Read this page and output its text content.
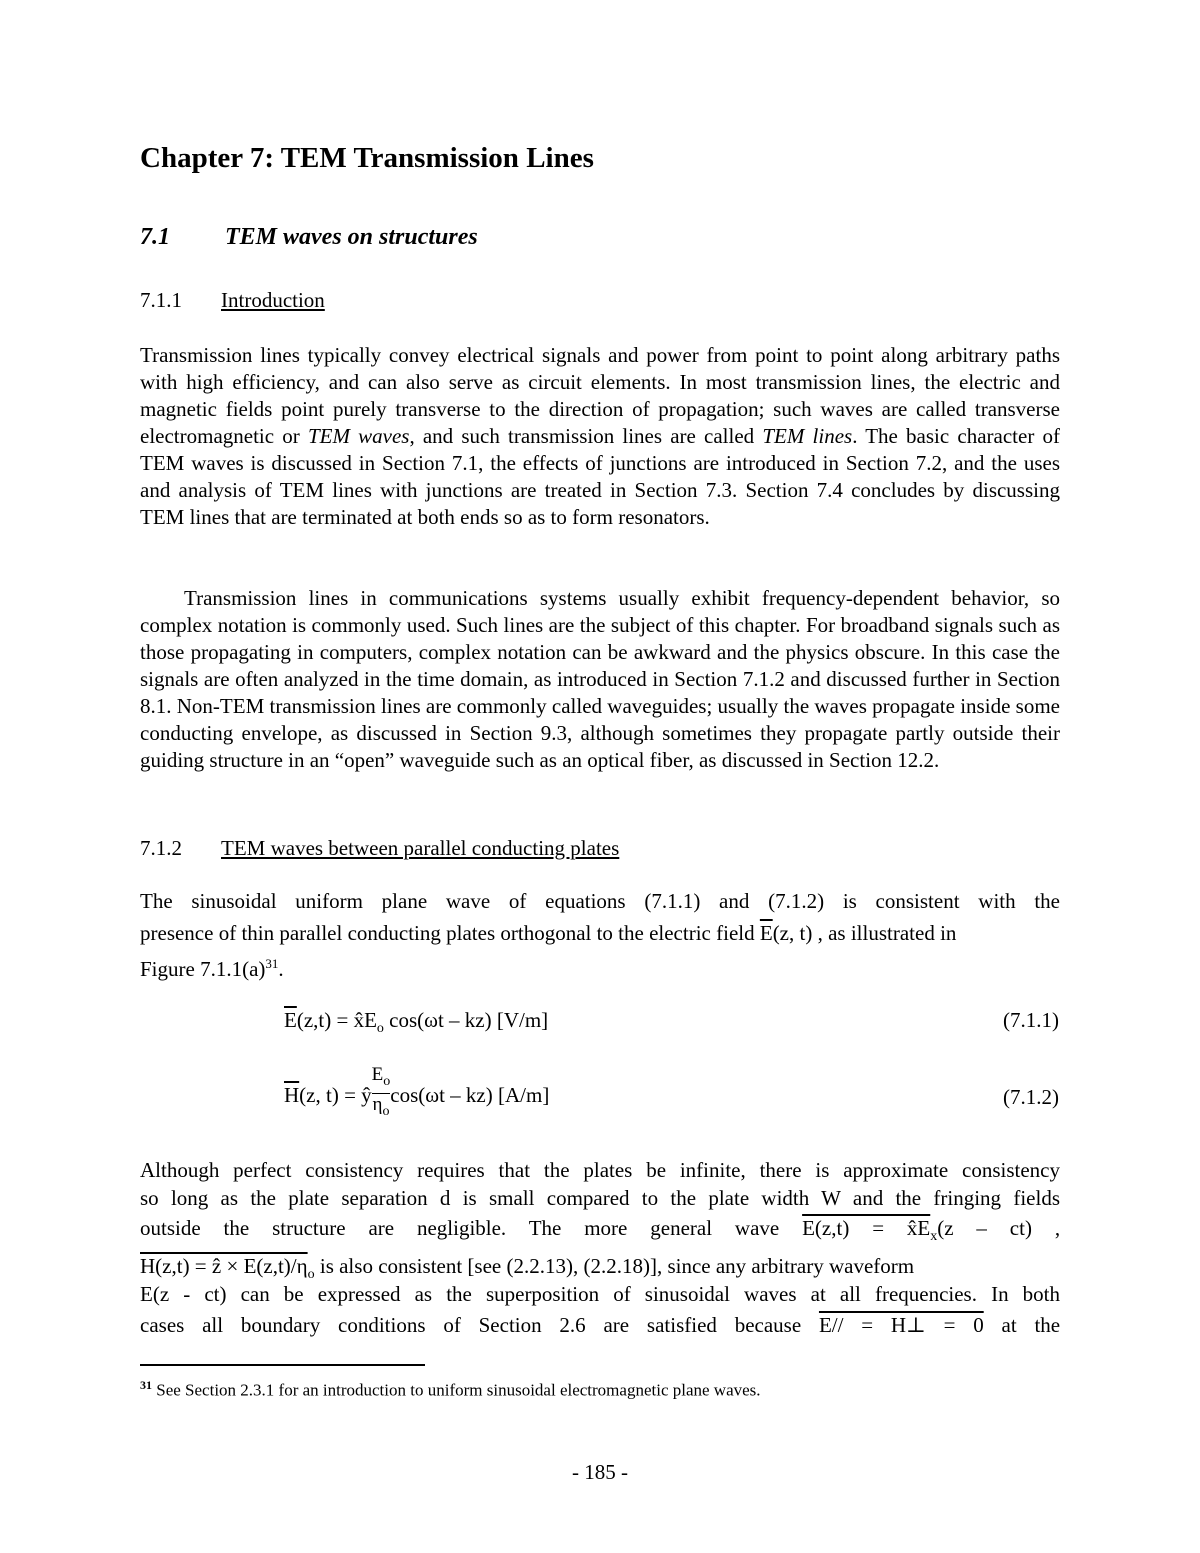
Chapter 7: TEM Transmission Lines
7.1 TEM waves on structures
7.1.1 Introduction
Transmission lines typically convey electrical signals and power from point to point along arbitrary paths with high efficiency, and can also serve as circuit elements. In most transmission lines, the electric and magnetic fields point purely transverse to the direction of propagation; such waves are called transverse electromagnetic or TEM waves, and such transmission lines are called TEM lines. The basic character of TEM waves is discussed in Section 7.1, the effects of junctions are introduced in Section 7.2, and the uses and analysis of TEM lines with junctions are treated in Section 7.3. Section 7.4 concludes by discussing TEM lines that are terminated at both ends so as to form resonators.
Transmission lines in communications systems usually exhibit frequency-dependent behavior, so complex notation is commonly used. Such lines are the subject of this chapter. For broadband signals such as those propagating in computers, complex notation can be awkward and the physics obscure. In this case the signals are often analyzed in the time domain, as introduced in Section 7.1.2 and discussed further in Section 8.1. Non-TEM transmission lines are commonly called waveguides; usually the waves propagate inside some conducting envelope, as discussed in Section 9.3, although sometimes they propagate partly outside their guiding structure in an “open” waveguide such as an optical fiber, as discussed in Section 12.2.
7.1.2 TEM waves between parallel conducting plates
The sinusoidal uniform plane wave of equations (7.1.1) and (7.1.2) is consistent with the
presence of thin parallel conducting plates orthogonal to the electric field $\overline{E}(z$, t) , as illustrated in
Figure $7.1.1(a)^{31}$.
$\overline{E}(z,t)$ = $x̂E_o$ cos(ωt – kz) [V/m]	(7.1.1)
$\overline{H}(z$, t) = ŷ $\frac{E_o}{\eta_o} \cos(\omega t - kz)$ [A/m]	(7.1.2)
Although perfect consistency requires that the plates be infinite, there is approximate consistency
so long as the plate separation d is small compared to the plate width W and the fringing fields
outside the structure are negligible. The more general wave $E(z,t) = x̂E_x(z - ct)$ ,
H(z,t) = ẑ × $E(z,t)/\eta_o$ is also consistent [see (2.2.13), (2.2.18)], since any arbitrary waveform
E(z - ct) can be expressed as the superposition of sinusoidal waves at all frequencies. In both
cases all boundary conditions of Section 2.6 are satisfied because E// = H⊥ = 0 at the
$^{31}$ See Section 2.3.1 for an introduction to uniform sinusoidal electromagnetic plane waves.
- 185 -
